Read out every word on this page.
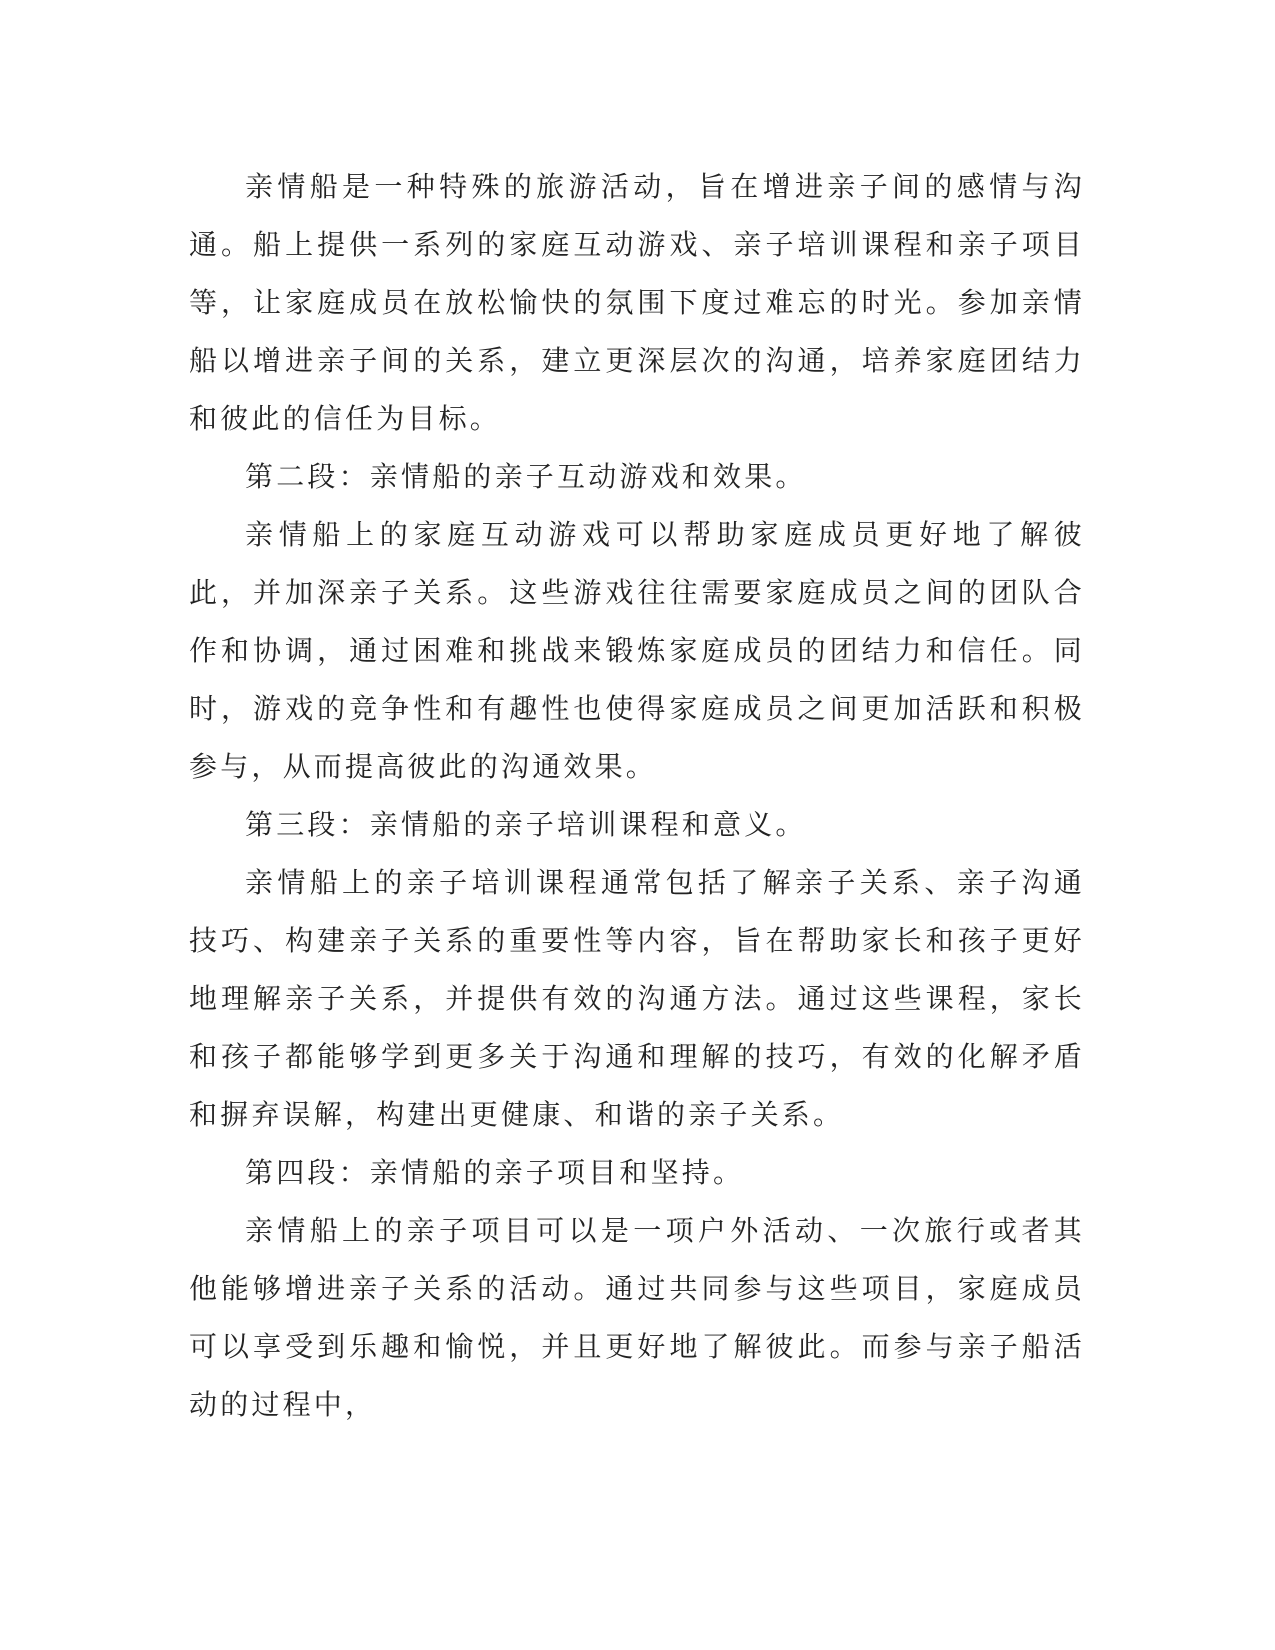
亲情船是一种特殊的旅游活动，旨在增进亲子间的感情与沟通。船上提供一系列的家庭互动游戏、亲子培训课程和亲子项目等，让家庭成员在放松愉快的氛围下度过难忘的时光。参加亲情船以增进亲子间的关系，建立更深层次的沟通，培养家庭团结力和彼此的信任为目标。

第二段：亲情船的亲子互动游戏和效果。

亲情船上的家庭互动游戏可以帮助家庭成员更好地了解彼此，并加深亲子关系。这些游戏往往需要家庭成员之间的团队合作和协调，通过困难和挑战来锻炼家庭成员的团结力和信任。同时，游戏的竞争性和有趣性也使得家庭成员之间更加活跃和积极参与，从而提高彼此的沟通效果。

第三段：亲情船的亲子培训课程和意义。

亲情船上的亲子培训课程通常包括了解亲子关系、亲子沟通技巧、构建亲子关系的重要性等内容，旨在帮助家长和孩子更好地理解亲子关系，并提供有效的沟通方法。通过这些课程，家长和孩子都能够学到更多关于沟通和理解的技巧，有效的化解矛盾和摒弃误解，构建出更健康、和谐的亲子关系。

第四段：亲情船的亲子项目和坚持。

亲情船上的亲子项目可以是一项户外活动、一次旅行或者其他能够增进亲子关系的活动。通过共同参与这些项目，家庭成员可以享受到乐趣和愉悦，并且更好地了解彼此。而参与亲子船活动的过程中，
